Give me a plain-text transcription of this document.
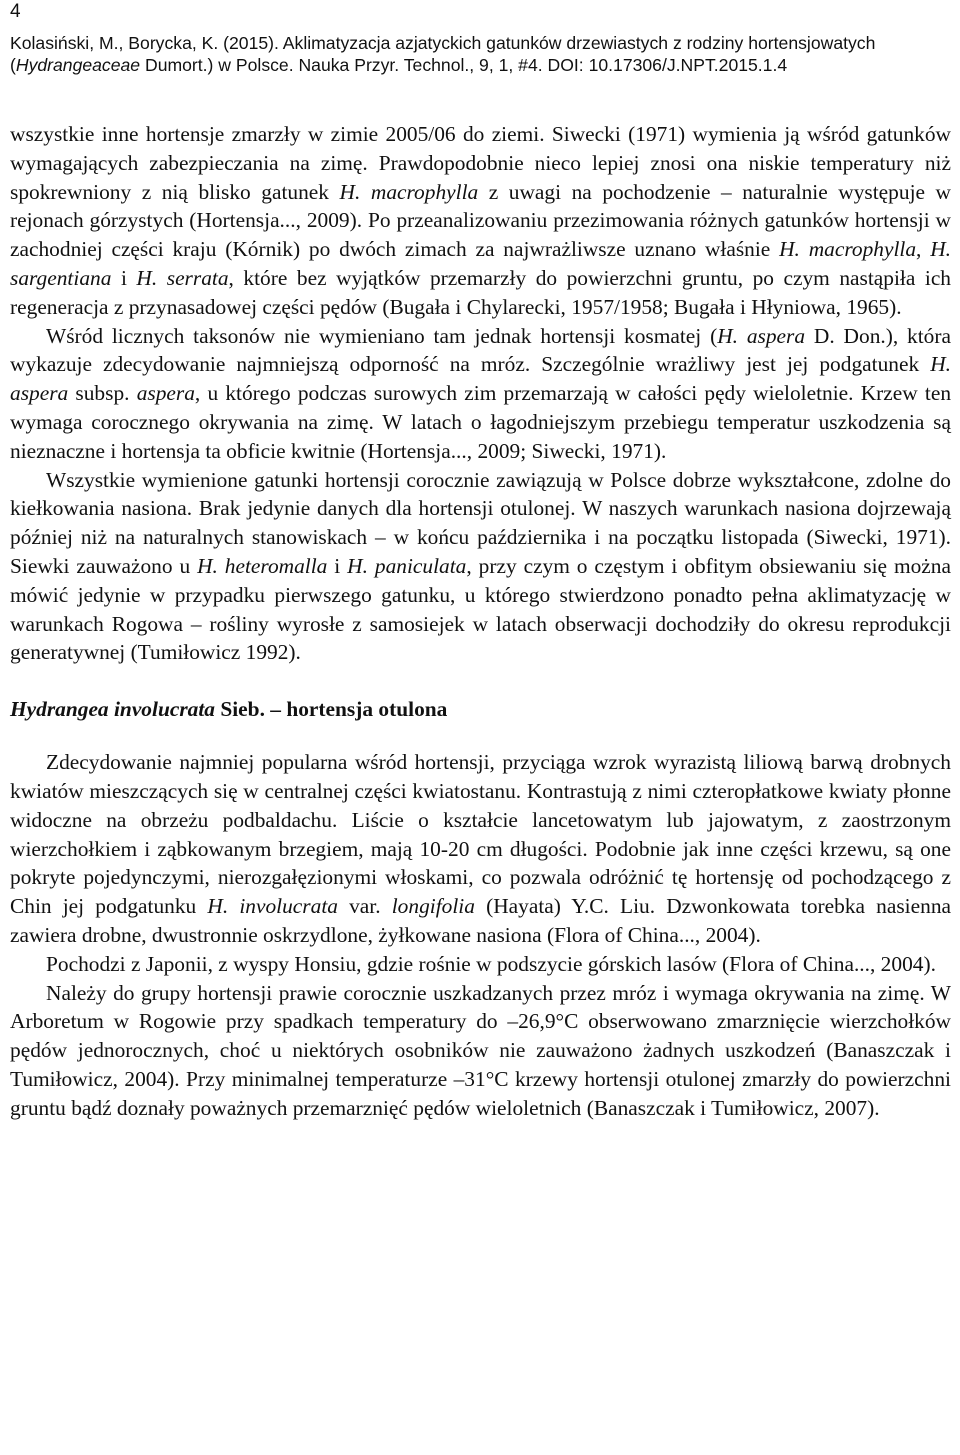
4
Kolasiński, M., Borycka, K. (2015). Aklimatyzacja azjatyckich gatunków drzewiastych z rodziny hortensjowatych
(Hydrangeaceae Dumort.) w Polsce. Nauka Przyr. Technol., 9, 1, #4. DOI: 10.17306/J.NPT.2015.1.4

wszystkie inne hortensje zmarzły w zimie 2005/06 do ziemi. Siwecki (1971) wymienia ją wśród gatunków wymagających zabezpieczania na zimę. Prawdopodobnie nieco lepiej znosi ona niskie temperatury niż spokrewniony z nią blisko gatunek H. macrophylla z uwagi na pochodzenie – naturalnie występuje w rejonach górzystych (Hortensja..., 2009). Po przeanalizowaniu przezimowania różnych gatunków hortensji w zachodniej części kraju (Kórnik) po dwóch zimach za najwrażliwsze uznano właśnie H. macrophylla, H. sargentiana i H. serrata, które bez wyjątków przemarzły do powierzchni gruntu, po czym nastąpiła ich regeneracja z przynasadowej części pędów (Bugała i Chylarecki, 1957/1958; Bugała i Hłyniowa, 1965).

Wśród licznych taksonów nie wymieniano tam jednak hortensji kosmatej (H. aspera D. Don.), która wykazuje zdecydowanie najmniejszą odporność na mróz. Szczególnie wrażliwy jest jej podgatunek H. aspera subsp. aspera, u którego podczas surowych zim przemarzają w całości pędy wieloletnie. Krzew ten wymaga corocznego okrywania na zimę. W latach o łagodniejszym przebiegu temperatur uszkodzenia są nieznaczne i hortensja ta obficie kwitnie (Hortensja..., 2009; Siwecki, 1971).

Wszystkie wymienione gatunki hortensji corocznie zawiązują w Polsce dobrze wykształcone, zdolne do kiełkowania nasiona. Brak jedynie danych dla hortensji otulonej. W naszych warunkach nasiona dojrzewają później niż na naturalnych stanowiskach – w końcu października i na początku listopada (Siwecki, 1971). Siewki zauważono u H. heteromalla i H. paniculata, przy czym o częstym i obfitym obsiewaniu się można mówić jedynie w przypadku pierwszego gatunku, u którego stwierdzono ponadto pełna aklimatyzację w warunkach Rogowa – rośliny wyrosłe z samosiejek w latach obserwacji dochodziły do okresu reprodukcji generatywnej (Tumiłowicz 1992).

Hydrangea involucrata Sieb. – hortensja otulona

Zdecydowanie najmniej popularna wśród hortensji, przyciąga wzrok wyrazistą liliową barwą drobnych kwiatów mieszczących się w centralnej części kwiatostanu. Kontrastują z nimi czteropłatkowe kwiaty płonne widoczne na obrzeżu podbaldachu. Liście o kształcie lancetowatym lub jajowatym, z zaostrzonym wierzchołkiem i ząbkowanym brzegiem, mają 10-20 cm długości. Podobnie jak inne części krzewu, są one pokryte pojedynczymi, nierozgałęzionymi włoskami, co pozwala odróżnić tę hortensję od pochodzącego z Chin jej podgatunku H. involucrata var. longifolia (Hayata) Y.C. Liu. Dzwonkowata torebka nasienna zawiera drobne, dwustronnie oskrzydlone, żyłkowane nasiona (Flora of China..., 2004).

Pochodzi z Japonii, z wyspy Honsiu, gdzie rośnie w podszycie górskich lasów (Flora of China..., 2004).

Należy do grupy hortensji prawie corocznie uszkadzanych przez mróz i wymaga okrywania na zimę. W Arboretum w Rogowie przy spadkach temperatury do –26,9°C obserwowano zmarznięcie wierzchołków pędów jednorocznych, choć u niektórych osobników nie zauważono żadnych uszkodzeń (Banaszczak i Tumiłowicz, 2004). Przy minimalnej temperaturze –31°C krzewy hortensji otulonej zmarzły do powierzchni gruntu bądź doznały poważnych przemarznięć pędów wieloletnich (Banaszczak i Tumiłowicz, 2007).
